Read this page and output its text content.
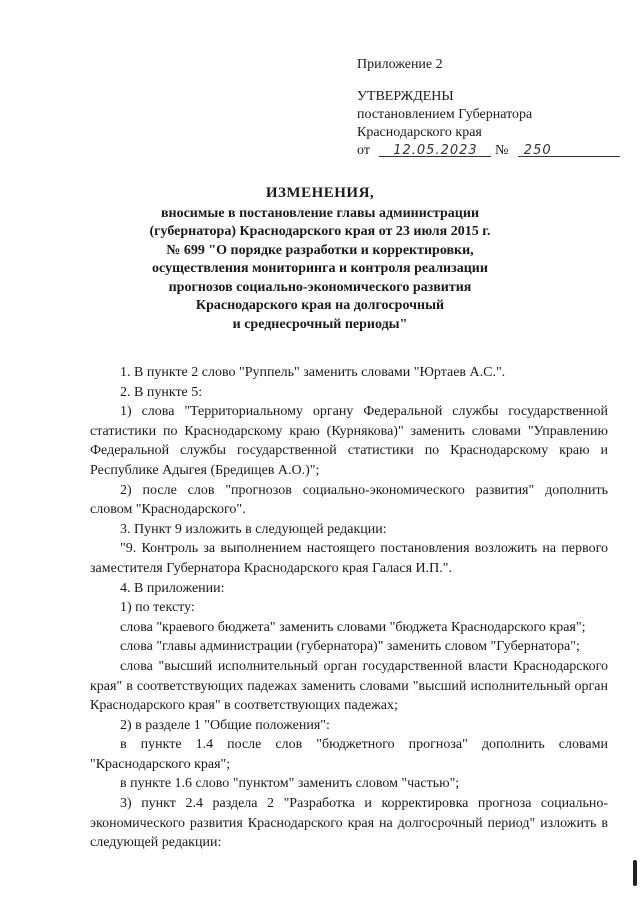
Приложение 2
УТВЕРЖДЕНЫ
постановлением Губернатора
Краснодарского края
от 12.05.2023 № 250
ИЗМЕНЕНИЯ,
вносимые в постановление главы администрации
(губернатора) Краснодарского края от 23 июля 2015 г.
№ 699 "О порядке разработки и корректировки,
осуществления мониторинга и контроля реализации
прогнозов социально-экономического развития
Краснодарского края на долгосрочный
и среднесрочный периоды"

1. В пункте 2 слово "Руппель" заменить словами "Юртаев А.С.".

2. В пункте 5:

1) слова "Территориальному органу Федеральной службы государственной статистики по Краснодарскому краю (Курнякова)" заменить словами "Управлению Федеральной службы государственной статистики по Краснодарскому краю и Республике Адыгея (Бредищев А.О.)";

2) после слов "прогнозов социально-экономического развития" дополнить словом "Краснодарского".

3. Пункт 9 изложить в следующей редакции:

"9. Контроль за выполнением настоящего постановления возложить на первого заместителя Губернатора Краснодарского края Галася И.П.".

4. В приложении:

1) по тексту:

слова "краевого бюджета" заменить словами "бюджета Краснодарского края";

слова "главы администрации (губернатора)" заменить словом "Губернатора";

слова "высший исполнительный орган государственной власти Краснодарского края" в соответствующих падежах заменить словами "высший исполнительный орган Краснодарского края" в соответствующих падежах;

2) в разделе 1 "Общие положения":

в пункте 1.4 после слов "бюджетного прогноза" дополнить словами "Краснодарского края";

в пункте 1.6 слово "пунктом" заменить словом "частью";

3) пункт 2.4 раздела 2 "Разработка и корректировка прогноза социально-экономического развития Краснодарского края на долгосрочный период" изложить в следующей редакции:
